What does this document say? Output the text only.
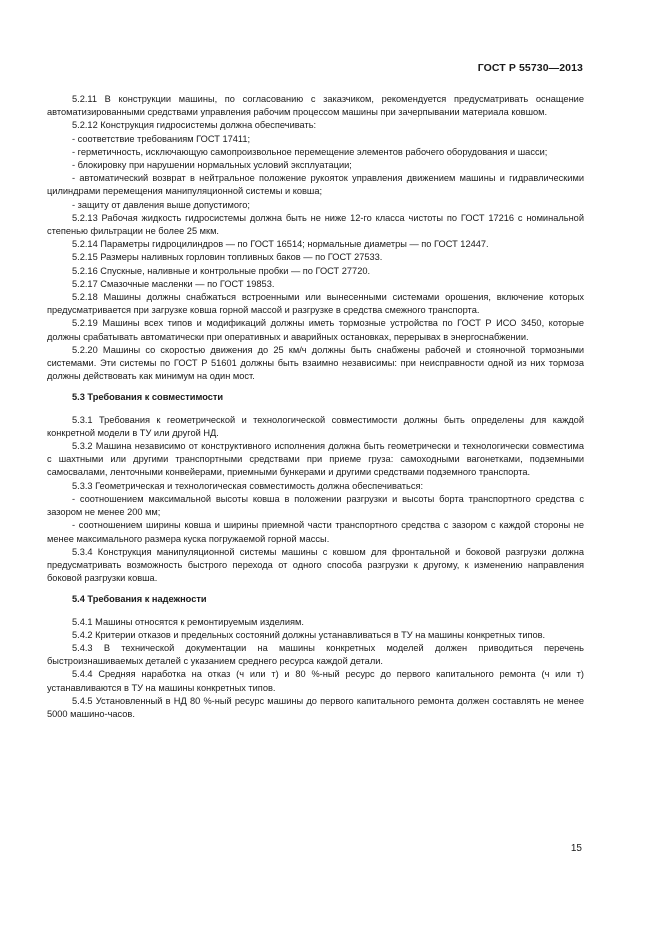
ГОСТ Р 55730—2013

5.2.11 В конструкции машины, по согласованию с заказчиком, рекомендуется предусматривать оснащение автоматизированными средствами управления рабочим процессом машины при зачерпывании материала ковшом.

5.2.12 Конструкция гидросистемы должна обеспечивать:

- соответствие требованиям ГОСТ 17411;

- герметичность, исключающую самопроизвольное перемещение элементов рабочего оборудования и шасси;

- блокировку при нарушении нормальных условий эксплуатации;

- автоматический возврат в нейтральное положение рукояток управления движением машины и гидравлическими цилиндрами перемещения манипуляционной системы и ковша;

- защиту от давления выше допустимого;

5.2.13 Рабочая жидкость гидросистемы должна быть не ниже 12-го класса чистоты по ГОСТ 17216 с номинальной степенью фильтрации не более 25 мкм.

5.2.14 Параметры гидроцилиндров — по ГОСТ 16514; нормальные диаметры — по ГОСТ 12447.

5.2.15 Размеры наливных горловин топливных баков — по ГОСТ 27533.

5.2.16 Спускные, наливные и контрольные пробки — по ГОСТ 27720.

5.2.17 Смазочные масленки — по ГОСТ 19853.

5.2.18 Машины должны снабжаться встроенными или вынесенными системами орошения, включение которых предусматривается при загрузке ковша горной массой и разгрузке в средства смежного транспорта.

5.2.19 Машины всех типов и модификаций должны иметь тормозные устройства по ГОСТ Р ИСО 3450, которые должны срабатывать автоматически при оперативных и аварийных остановках, перерывах в энергоснабжении.

5.2.20 Машины со скоростью движения до 25 км/ч должны быть снабжены рабочей и стояночной тормозными системами. Эти системы по ГОСТ Р 51601 должны быть взаимно независимы: при неисправности одной из них тормоза должны действовать как минимум на один мост.

5.3 Требования к совместимости

5.3.1 Требования к геометрической и технологической совместимости должны быть определены для каждой конкретной модели в ТУ или другой НД.

5.3.2 Машина независимо от конструктивного исполнения должна быть геометрически и технологически совместима с шахтными или другими транспортными средствами при приеме груза: самоходными вагонетками, подземными самосвалами, ленточными конвейерами, приемными бункерами и другими средствами подземного транспорта.

5.3.3 Геометрическая и технологическая совместимость должна обеспечиваться:

- соотношением максимальной высоты ковша в положении разгрузки и высоты борта транспортного средства с зазором не менее 200 мм;

- соотношением ширины ковша и ширины приемной части транспортного средства с зазором с каждой стороны не менее максимального размера куска погружаемой горной массы.

5.3.4 Конструкция манипуляционной системы машины с ковшом для фронтальной и боковой разгрузки должна предусматривать возможность быстрого перехода от одного способа разгрузки к другому, к изменению направления боковой разгрузки ковша.

5.4 Требования к надежности

5.4.1 Машины относятся к ремонтируемым изделиям.

5.4.2 Критерии отказов и предельных состояний должны устанавливаться в ТУ на машины конкретных типов.

5.4.3 В технической документации на машины конкретных моделей должен приводиться перечень быстроизнашиваемых деталей с указанием среднего ресурса каждой детали.

5.4.4 Средняя наработка на отказ (ч или т) и 80 %-ный ресурс до первого капитального ремонта (ч или т) устанавливаются в ТУ на машины конкретных типов.

5.4.5 Установленный в НД 80 %-ный ресурс машины до первого капитального ремонта должен составлять не менее 5000 машино-часов.

15
